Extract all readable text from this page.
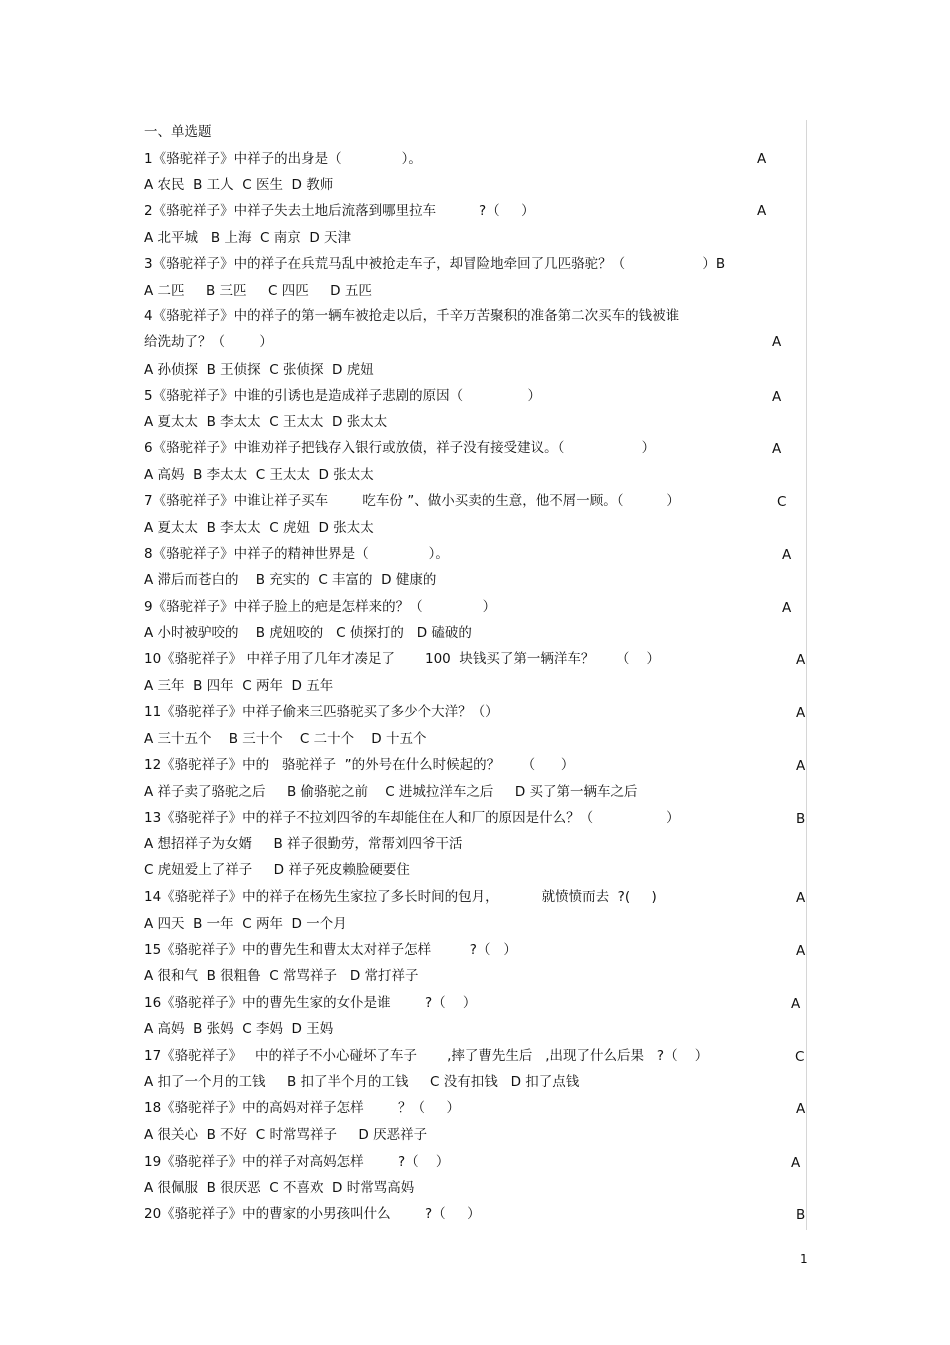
一、单选题
1《骆驼祥子》中祥子的出身是（              ）。	A
A 农民  B 工人  C 医生  D 教师
2《骆驼祥子》中祥子失去土地后流落到哪里拉车          ?（     ）	A
A 北平城   B 上海  C 南京  D 天津
3《骆驼祥子》中的祥子在兵荒马乱中被抢走车子，却冒险地牵回了几匹骆驼？（                  ）B
A 二匹     B 三匹     C 四匹     D 五匹
4《骆驼祥子》中的祥子的第一辆车被抢走以后，千辛万苦聚积的准备第二次买车的钱被谁
给洗劫了？（        ）	A
A 孙侦探  B 王侦探  C 张侦探  D 虎妞
5《骆驼祥子》中谁的引诱也是造成祥子悲剧的原因（               ）	A
A 夏太太  B 李太太  C 王太太  D 张太太
6《骆驼祥子》中谁劝祥子把钱存入银行或放债，祥子没有接受建议。（                  ）	A
A 高妈  B 李太太  C 王太太  D 张太太
7《骆驼祥子》中谁让祥子买车        吃车份 ”、做小买卖的生意，他不屑一顾。（          ）	C
A 夏太太  B 李太太  C 虎妞  D 张太太
8《骆驼祥子》中祥子的精神世界是（              ）。	A
A 滞后而苍白的    B 充实的  C 丰富的  D 健康的
9《骆驼祥子》中祥子脸上的疤是怎样来的？（              ）	A
A 小时被驴咬的    B 虎妞咬的   C 侦探打的   D 磕破的
10《骆驼祥子》 中祥子用了几年才凑足了       100  块钱买了第一辆洋车？     （    ）	A
A 三年  B 四年  C 两年  D 五年
11《骆驼祥子》中祥子偷来三匹骆驼买了多少个大洋？（）	A
A 三十五个    B 三十个    C 二十个    D 十五个
12《骆驼祥子》中的   骆驼祥子  ”的外号在什么时候起的？     （      ）	A
A 祥子卖了骆驼之后     B 偷骆驼之前    C 进城拉洋车之后     D 买了第一辆车之后
13《骆驼祥子》中的祥子不拉刘四爷的车却能住在人和厂的原因是什么？（                 ）	B
A 想招祥子为女婿     B 祥子很勤劳，常帮刘四爷干活
C 虎妞爱上了祥子     D 祥子死皮赖脸硬要住
14《骆驼祥子》中的祥子在杨先生家拉了多长时间的包月，          就愤愤而去  ?(     )	A
A 四天  B 一年  C 两年  D 一个月
15《骆驼祥子》中的曹先生和曹太太对祥子怎样         ?（   ）	A
A 很和气  B 很粗鲁  C 常骂祥子   D 常打祥子
16《骆驼祥子》中的曹先生家的女仆是谁        ?（    ）	A
A 高妈  B 张妈  C 李妈  D 王妈
17《骆驼祥子》   中的祥子不小心碰坏了车子       ,摔了曹先生后   ,出现了什么后果   ?（    ）	C
A 扣了一个月的工钱     B 扣了半个月的工钱     C 没有扣钱   D 扣了点钱
18《骆驼祥子》中的高妈对祥子怎样        ？（     ）	A
A 很关心  B 不好  C 时常骂祥子     D 厌恶祥子
19《骆驼祥子》中的祥子对高妈怎样        ?（    ）	A
A 很佩服  B 很厌恶  C 不喜欢  D 时常骂高妈
20《骆驼祥子》中的曹家的小男孩叫什么        ?（     ）	B
1
